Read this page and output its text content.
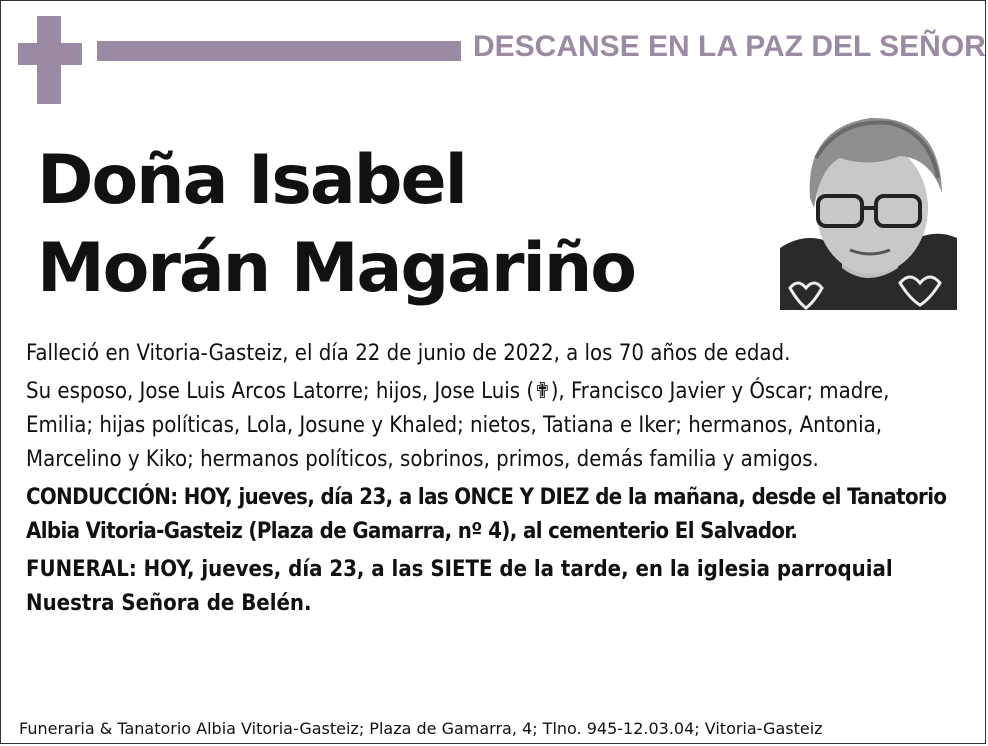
DESCANSE EN LA PAZ DEL SEÑOR
Doña Isabel
Morán Magariño

Falleció en Vitoria-Gasteiz, el día 22 de junio de 2022, a los 70 años de edad.

Su esposo, Jose Luis Arcos Latorre; hijos, Jose Luis (✟), Francisco Javier y Óscar; madre, Emilia; hijas políticas, Lola, Josune y Khaled; nietos, Tatiana e Iker; hermanos, Antonia, Marcelino y Kiko; hermanos políticos, sobrinos, primos, demás familia y amigos.

CONDUCCIÓN: HOY, jueves, día 23, a las ONCE Y DIEZ de la mañana, desde el Tanatorio Albia Vitoria-Gasteiz (Plaza de Gamarra, nº 4), al cementerio El Salvador.

FUNERAL: HOY, jueves, día 23, a las SIETE de la tarde, en la iglesia parroquial Nuestra Señora de Belén.

Funeraria & Tanatorio Albia Vitoria-Gasteiz; Plaza de Gamarra, 4; Tlno. 945-12.03.04; Vitoria-Gasteiz
